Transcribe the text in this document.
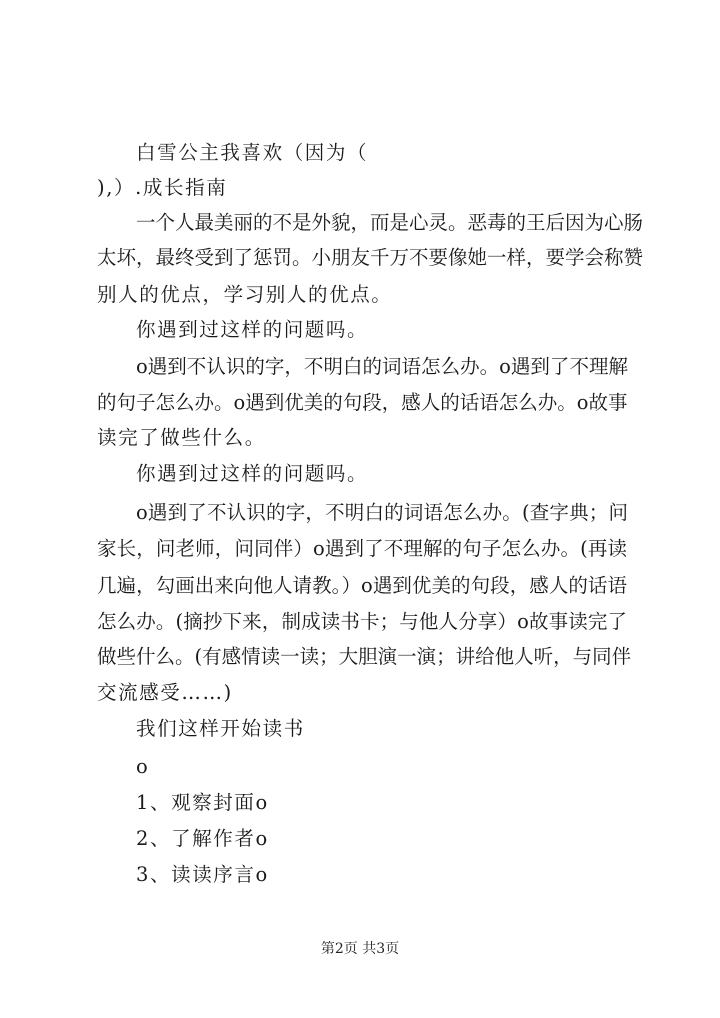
白雪公主我喜欢（因为（
),）.成长指南
一个人最美丽的不是外貌，而是心灵。恶毒的王后因为心肠
太坏，最终受到了惩罚。小朋友千万不要像她一样，要学会称赞
别人的优点，学习别人的优点。
你遇到过这样的问题吗。
o遇到不认识的字，不明白的词语怎么办。o遇到了不理解
的句子怎么办。o遇到优美的句段，感人的话语怎么办。o故事
读完了做些什么。
你遇到过这样的问题吗。
o遇到了不认识的字，不明白的词语怎么办。(查字典；问
家长，问老师，问同伴）o遇到了不理解的句子怎么办。(再读
几遍，勾画出来向他人请教。）o遇到优美的句段，感人的话语
怎么办。(摘抄下来，制成读书卡；与他人分享）o故事读完了
做些什么。(有感情读一读；大胆演一演；讲给他人听，与同伴
交流感受……)
我们这样开始读书
o
1、观察封面o
2、了解作者o
3、读读序言o
第2页 共3页
